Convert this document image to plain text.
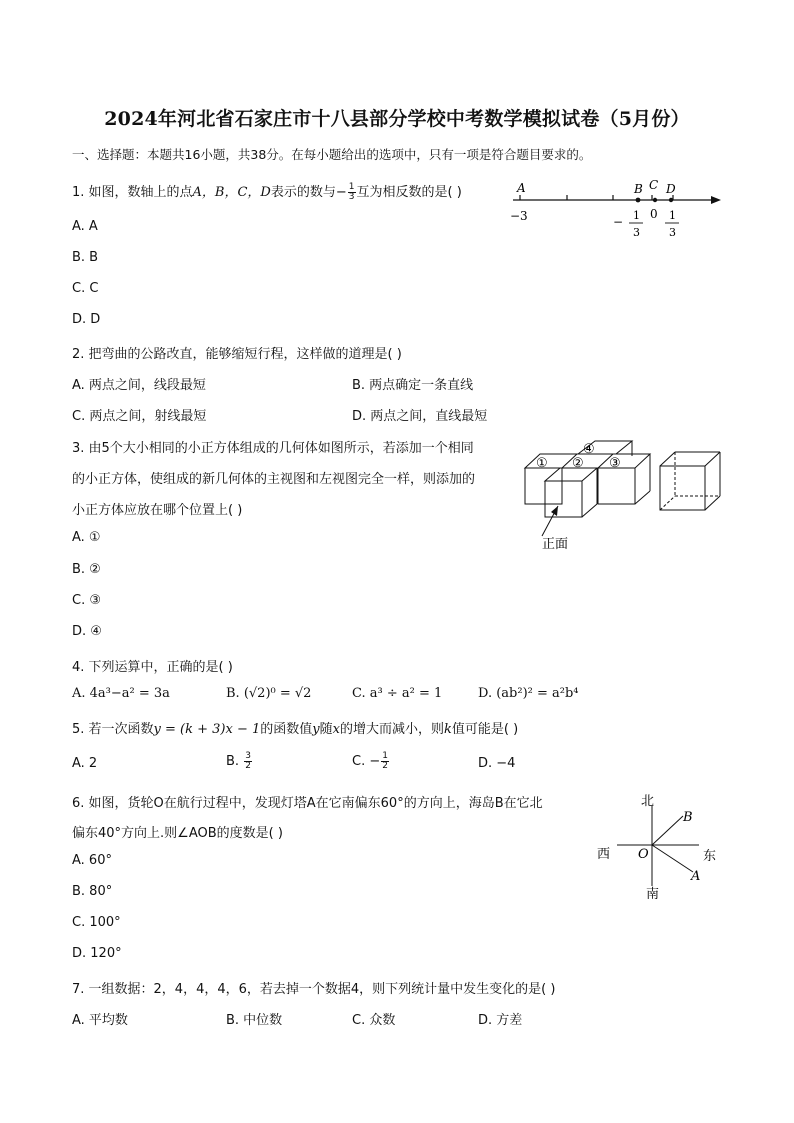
2024年河北省石家庄市十八县部分学校中考数学模拟试卷（5月份）
一、选择题：本题共16小题，共38分。在每小题给出的选项中，只有一项是符合题目要求的。
1. 如图，数轴上的点A，B，C，D表示的数与− $\frac{1}{3}$ 互为相反数的是( )
A. A
B. B
C. C
D. D
A	B C D
−3	− 1
3
0 1
3
2. 把弯曲的公路改直，能够缩短行程，这样做的道理是( )
A. 两点之间，线段最短	B. 两点确定一条直线
C. 两点之间，射线最短	D. 两点之间，直线最短
3. 由5个大小相同的小正方体组成的几何体如图所示，若添加一个相同
的小正方体，使组成的新几何体的主视图和左视图完全一样，则添加的
小正方体应放在哪个位置上( )
A. ①
B. ②
C. ③
D. ④
① ② ③
④
正面
4. 下列运算中，正确的是( )
A. 4a³−a² = 3a	B. (√2)⁰ = √2	C. a³ ÷ a² = 1	D. (ab²)² = a²b⁴
5. 若一次函数y = (k + 3)x − 1的函数值y随x的增大而减小，则k值可能是( )
A. 2	B. $\frac{3}{2}$	C. − $\frac{1}{2}$	D. −4
6. 如图，货轮O在航行过程中，发现灯塔A在它南偏东60°的方向上，海岛B在它北
偏东40°方向上.则∠AOB的度数是( )
A. 60°
B. 80°
C. 100°
D. 120°
北
南
西	东
O
B
A
7. 一组数据：2，4，4，4，6，若去掉一个数据4，则下列统计量中发生变化的是( )
A. 平均数	B. 中位数	C. 众数	D. 方差
